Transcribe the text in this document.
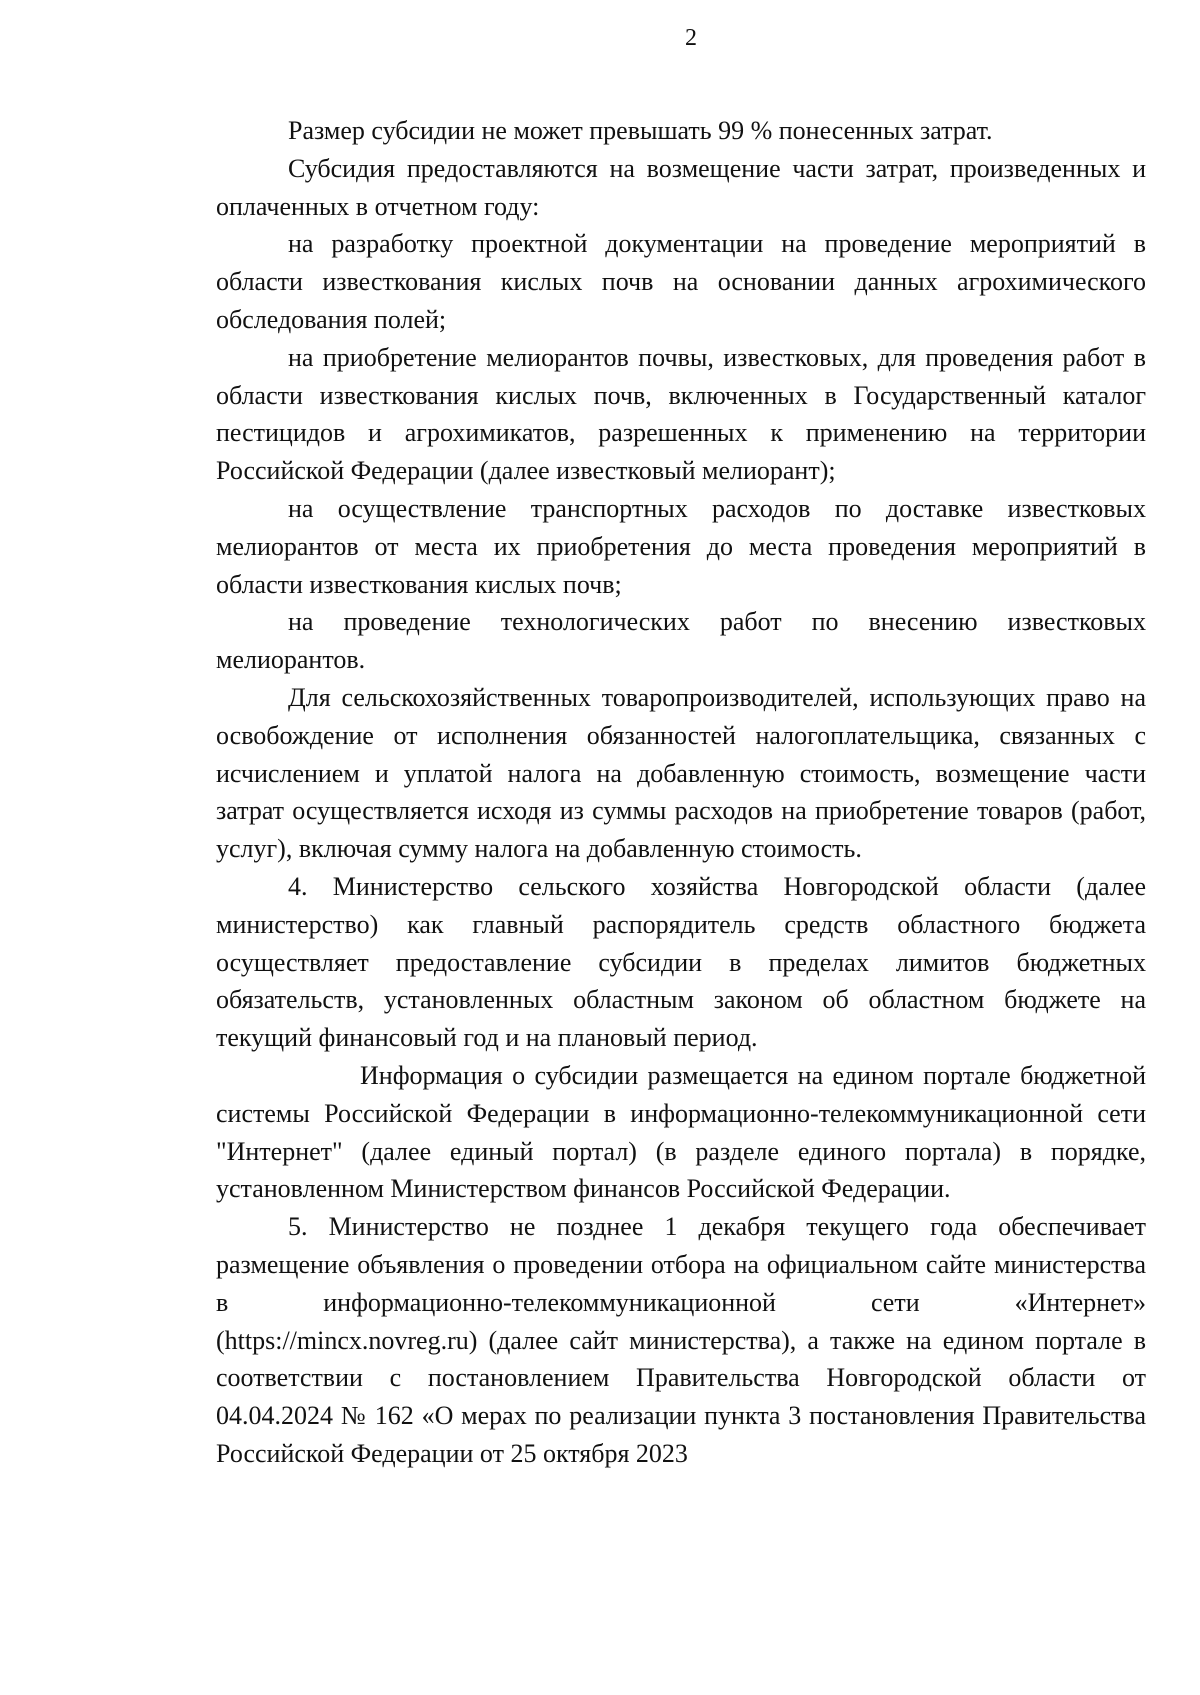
2

Размер субсидии не может превышать 99 % понесенных затрат.

Субсидия предоставляются на возмещение части затрат, произведенных и оплаченных в отчетном году:

на разработку проектной документации на проведение мероприятий в области известкования кислых почв на основании данных агрохимического обследования полей;

на приобретение мелиорантов почвы, известковых, для проведения работ в области известкования кислых почв, включенных в Государственный каталог пестицидов и агрохимикатов, разрешенных к применению на территории Российской Федерации (далее известковый мелиорант);

на осуществление транспортных расходов по доставке известковых мелиорантов от места их приобретения до места проведения мероприятий в области известкования кислых почв;

на проведение технологических работ по внесению известковых мелиорантов.

Для сельскохозяйственных товаропроизводителей, использующих право на освобождение от исполнения обязанностей налогоплательщика, связанных с исчислением и уплатой налога на добавленную стоимость, возмещение части затрат осуществляется исходя из суммы расходов на приобретение товаров (работ, услуг), включая сумму налога на добавленную стоимость.

4. Министерство сельского хозяйства Новгородской области (далее министерство) как главный распорядитель средств областного бюджета осуществляет предоставление субсидии в пределах лимитов бюджетных обязательств, установленных областным законом об областном бюджете на текущий финансовый год и на плановый период.

Информация о субсидии размещается на едином портале бюджетной системы Российской Федерации в информационно-телекоммуникационной сети "Интернет" (далее единый портал) (в разделе единого портала) в порядке, установленном Министерством финансов Российской Федерации.

5. Министерство не позднее 1 декабря текущего года обеспечивает размещение объявления о проведении отбора на официальном сайте министерства в информационно-телекоммуникационной сети «Интернет» (https://mincx.novreg.ru) (далее сайт министерства), а также на едином портале в соответствии с постановлением Правительства Новгородской области от 04.04.2024 № 162 «О мерах по реализации пункта 3 постановления Правительства Российской Федерации от 25 октября 2023
